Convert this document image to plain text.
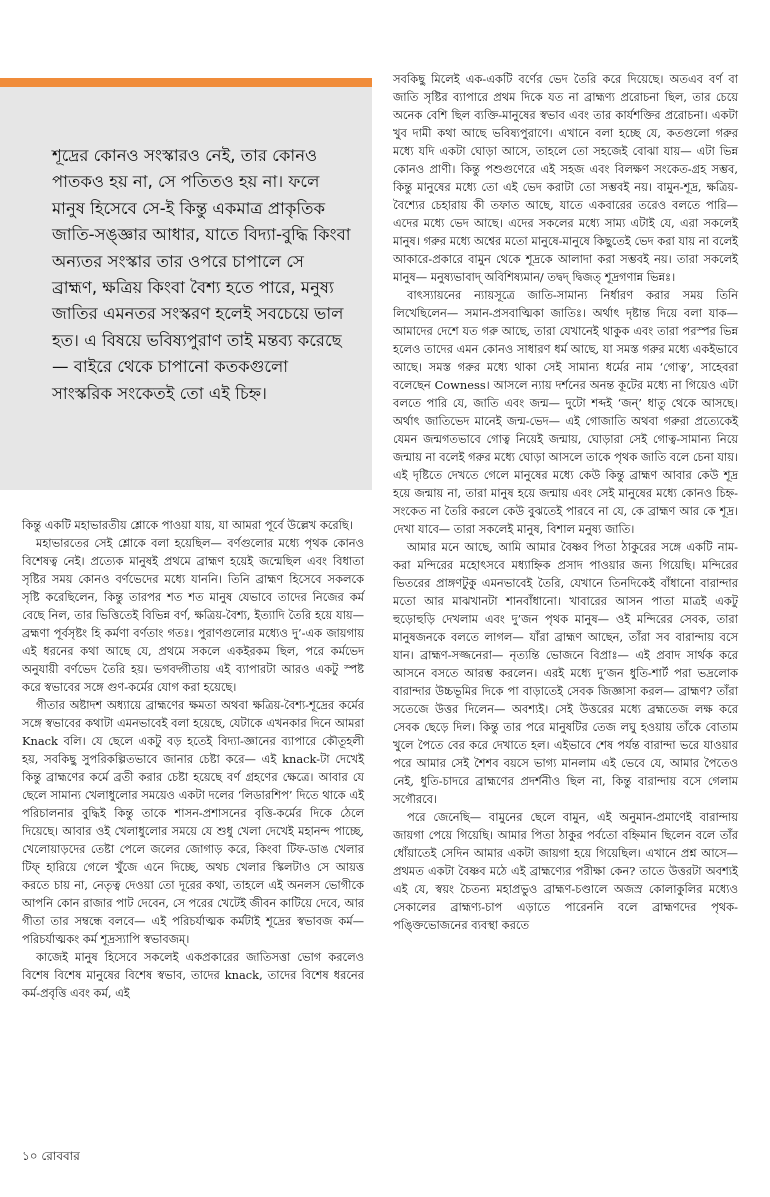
শূদ্রের কোনও সংস্কারও নেই, তার কোনও পাতকও হয় না, সে পতিতও হয় না। ফলে মানুষ হিসেবে সে-ই কিন্তু একমাত্র প্রাকৃতিক জাতি-সঙ্জ্ঞার আধার, যাতে বিদ্যা-বুদ্ধি কিংবা অন্যতর সংস্কার তার ওপরে চাপালে সে ব্রাহ্মণ, ক্ষত্রিয় কিংবা বৈশ্য হতে পারে, মনুষ্য জাতির এমনতর সংস্করণ হলেই সবচেয়ে ভাল হত। এ বিষয়ে ভবিষ্যপুরাণ তাই মন্তব্য করেছে— বাইরে থেকে চাপানো কতকগুলো সাংস্করিক সংকেতই তো এই চিহ্ন।

কিন্তু একটি মহাভারতীয় শ্লোকে পাওয়া যায়, যা আমরা পূর্বে উল্লেখ করেছি।

মহাভারতের সেই শ্লোকে বলা হয়েছিল— বর্ণগুলোর মধ্যে পৃথক কোনও বিশেষত্ব নেই। প্রত্যেক মানুষই প্রথমে ব্রাহ্মণ হয়েই জন্মেছিল এবং বিধাতা সৃষ্টির সময় কোনও বর্ণভেদের মধ্যে যাননি। তিনি ব্রাহ্মণ হিসেবে সকলকে সৃষ্টি করেছিলেন, কিন্তু তারপর শত শত মানুষ যেভাবে তাদের নিজের কর্ম বেছে নিল, তার ভিত্তিতেই বিভিন্ন বর্ণ, ক্ষত্রিয়-বৈশ্য, ইত্যাদি তৈরি হয়ে যায়— ব্রহ্মণা পূর্বসৃষ্টং হি কর্মণা বর্ণতাং গতঃ। পুরাণগুলোর মধ্যেও দু’-এক জায়গায় এই ধরনের কথা আছে যে, প্রথমে সকলে একইরকম ছিল, পরে কর্মভেদ অনুযায়ী বর্ণভেদ তৈরি হয়। ভগবদ্গীতায় এই ব্যাপারটা আরও একটু স্পষ্ট করে স্বভাবের সঙ্গে গুণ-কর্মের যোগ করা হয়েছে।

গীতার অষ্টাদশ অধ্যায়ে ব্রাহ্মণের ক্ষমতা অথবা ক্ষত্রিয়-বৈশ্য-শূদ্রের কর্মের সঙ্গে স্বভাবের কথাটা এমনভাবেই বলা হয়েছে, যেটাকে এখনকার দিনে আমরা Knack বলি। যে ছেলে একটু বড় হতেই বিদ্যা-জ্ঞানের ব্যাপারে কৌতূহলী হয়, সবকিছু সুপরিকল্পিতভাবে জানার চেষ্টা করে— এই knack-টা দেখেই কিন্তু ব্রাহ্মণের কর্মে ব্রতী করার চেষ্টা হয়েছে বর্ণ গ্রহণের ক্ষেত্রে। আবার যে ছেলে সামান্য খেলাধুলোর সময়েও একটা দলের ‘লিডারশিপ’ দিতে থাকে এই পরিচালনার বুদ্ধিই কিন্তু তাকে শাসন-প্রশাসনের বৃত্তি-কর্মের দিকে ঠেলে দিয়েছে। আবার ওই খেলাধুলোর সময়ে যে শুধু খেলা দেখেই মহানন্দ পাচ্ছে, খেলোয়াড়দের তেষ্টা পেলে জলের জোগাড় করে, কিংবা টিফ-ডাঙ খেলার টিফ্ হারিয়ে গেলে খুঁজে এনে দিচ্ছে, অথচ খেলার স্কিলটাও সে আয়ত্ত করতে চায় না, নেতৃত্ব দেওয়া তো দূরের কথা, তাহলে এই অনলস ভোগীকে আপনি কোন রাজার পাট দেবেন, সে পরের খেটেই জীবন কাটিয়ে দেবে, আর গীতা তার সম্বন্ধে বলবে— এই পরিচর্যাত্মক কর্মটাই শূদ্রের স্বভাবজ কর্ম— পরিচর্যাত্মকং কর্ম শূদ্রস্যাপি স্বভাবজম্।

কাজেই মানুষ হিসেবে সকলেই একপ্রকারের জাতিসত্তা ভোগ করলেও বিশেষ বিশেষ মানুষের বিশেষ স্বভাব, তাদের knack, তাদের বিশেষ ধরনের কর্ম-প্রবৃত্তি এবং কর্ম, এই

সবকিছু মিলেই এক-একটি বর্ণের ভেদ তৈরি করে দিয়েছে। অতএব বর্ণ বা জাতি সৃষ্টির ব্যাপারে প্রথম দিকে যত না ব্রাহ্মণ্য প্ররোচনা ছিল, তার চেয়ে অনেক বেশি ছিল ব্যক্তি-মানুষের স্বভাব এবং তার কার্যশক্তির প্ররোচনা। একটা খুব দামী কথা আছে ভবিষ্যপুরাণে। এখানে বলা হচ্ছে যে, কতগুলো গরুর মধ্যে যদি একটা ঘোড়া আসে, তাহলে তো সহজেই বোঝা যায়— এটা ভিন্ন কোনও প্রাণী। কিন্তু পশুগুণেরে এই সহজ এবং বিলক্ষণ সংকেত-গ্রহ সম্ভব, কিন্তু মানুষের মধ্যে তো এই ভেদ করাটা তো সম্ভবই নয়। বামুন-শূদ্র, ক্ষত্রিয়-বৈশ্যের চেহারায় কী তফাত আছে, যাতে একবারের তরেও বলতে পারি— এদের মধ্যে ভেদ আছে। এদের সকলের মধ্যে সাম্য এটাই যে, এরা সকলেই মানুষ। গরুর মধ্যে অশ্বের মতো মানুষে-মানুষে কিছুতেই ভেদ করা যায় না বলেই আকারে-প্রকারে বামুন থেকে শূদ্রকে আলাদা করা সম্ভবই নয়। তারা সকলেই মানুষ— মনুষ্যভাবাদ্ অবিশিষ্যমান/ তদ্বদ্ দ্বিজত্ শূদ্রগণান্ন ভিন্নঃ।

বাৎস্যায়নের ন্যায়সূত্রে জাতি-সামান্য নির্ধারণ করার সময় তিনি লিখেছিলেন— সমান-প্রসবাত্মিকা জাতিঃ। অর্থাৎ দৃষ্টান্ত দিয়ে বলা যাক— আমাদের দেশে যত গরু আছে, তারা যেখানেই থাকুক এবং তারা পরস্পর ভিন্ন হলেও তাদের এমন কোনও সাধারণ ধর্ম আছে, যা সমস্ত গরুর মধ্যে একইভাবে আছে। সমস্ত গরুর মধ্যে থাকা সেই সামান্য ধর্মের নাম ‘গোত্ব’, সাহেবরা বলেছেন Cowness। আসলে ন্যায় দর্শনের অনন্ত কূটের মধ্যে না গিয়েও এটা বলতে পারি যে, জাতি এবং জন্ম— দুটো শব্দই ‘জন্’ ধাতু থেকে আসছে। অর্থাৎ জাতিভেদ মানেই জন্ম-ভেদ— এই গোজাতি অথবা গরুরা প্রত্যেকেই যেমন জন্মগতভাবে গোত্ব নিয়েই জন্মায়, ঘোড়ারা সেই গোত্ব-সামান্য নিয়ে জন্মায় না বলেই গরুর মধ্যে ঘোড়া আসলে তাকে পৃথক জাতি বলে চেনা যায়। এই দৃষ্টিতে দেখতে গেলে মানুষের মধ্যে কেউ কিন্তু ব্রাহ্মণ আবার কেউ শূদ্র হয়ে জন্মায় না, তারা মানুষ হয়ে জন্মায় এবং সেই মানুষের মধ্যে কোনও চিহ্ন-সংকেত না তৈরি করলে কেউ বুঝতেই পারবে না যে, কে ব্রাহ্মণ আর কে শূদ্র। দেখা যাবে— তারা সকলেই মানুষ, বিশাল মনুষ্য জাতি।

আমার মনে আছে, আমি আমার বৈষ্ণব পিতা ঠাকুরের সঙ্গে একটি নাম-করা মন্দিরের মহোৎসবে মধ্যাহ্নিক প্রসাদ পাওয়ার জন্য গিয়েছি। মন্দিরের ভিতরের প্রাঙ্গণটুকু এমনভাবেই তৈরি, যেখানে তিনদিকেই বাঁধানো বারান্দার মতো আর মাঝখানটা শানবাঁধানো। খাবারের আসন পাতা মাত্রই একটু হুড়োহুড়ি দেখলাম এবং দু’জন পৃথক মানুষ— ওই মন্দিরের সেবক, তারা মানুষজনকে বলতে লাগল— যাঁরা ব্রাহ্মণ আছেন, তাঁরা সব বারান্দায় বসে যান। ব্রাহ্মণ-সজ্জনেরা— নৃত্যন্তি ভোজনে বিপ্রাঃ— এই প্রবাদ সার্থক করে আসনে বসতে আরম্ভ করলেন। এরই মধ্যে দু’জন ধুতি-শার্ট পরা ভদ্রলোক বারান্দার উচ্চভূমির দিকে পা বাড়াতেই সেবক জিজ্ঞাসা করল— ব্রাহ্মণ? তাঁরা সতেজে উত্তর দিলেন— অবশ্যই। সেই উত্তরের মধ্যে ব্রহ্মতেজ লক্ষ করে সেবক ছেড়ে দিল। কিন্তু তার পরে মানুষটির তেজ লঘু হওয়ায় তাঁকে বোতাম খুলে পৈতে বের করে দেখাতে হল। এইভাবে শেষ পর্যন্ত বারান্দা ভরে যাওয়ার পরে আমার সেই শৈশব বয়সে ভাগ্য মানলাম এই ভেবে যে, আমার পৈতেও নেই, ধুতি-চাদরে ব্রাহ্মণের প্রদর্শনীও ছিল না, কিন্তু বারান্দায় বসে গেলাম সগৌরবে।

পরে জেনেছি— বামুনের ছেলে বামুন, এই অনুমান-প্রমাণেই বারান্দায় জায়গা পেয়ে গিয়েছি। আমার পিতা ঠাকুর পর্বতো বহ্নিমান ছিলেন বলে তাঁর ধোঁয়াতেই সেদিন আমার একটা জায়গা হয়ে গিয়েছিল। এখানে প্রশ্ন আসে— প্রথমত একটা বৈষ্ণব মঠে এই ব্রাহ্মণ্যের পরীক্ষা কেন? তাতে উত্তরটা অবশ্যই এই যে, স্বয়ং চৈতন্য মহাপ্রভুও ব্রাহ্মণ-চণ্ডালে অজস্র কোলাকুলির মধ্যেও সেকালের ব্রাহ্মণ্য-চাপ এড়াতে পারেননি বলে ব্রাহ্মণদের পৃথক-পঙ্ক্তিভোজনের ব্যবস্থা করতে

১০ রোববার
